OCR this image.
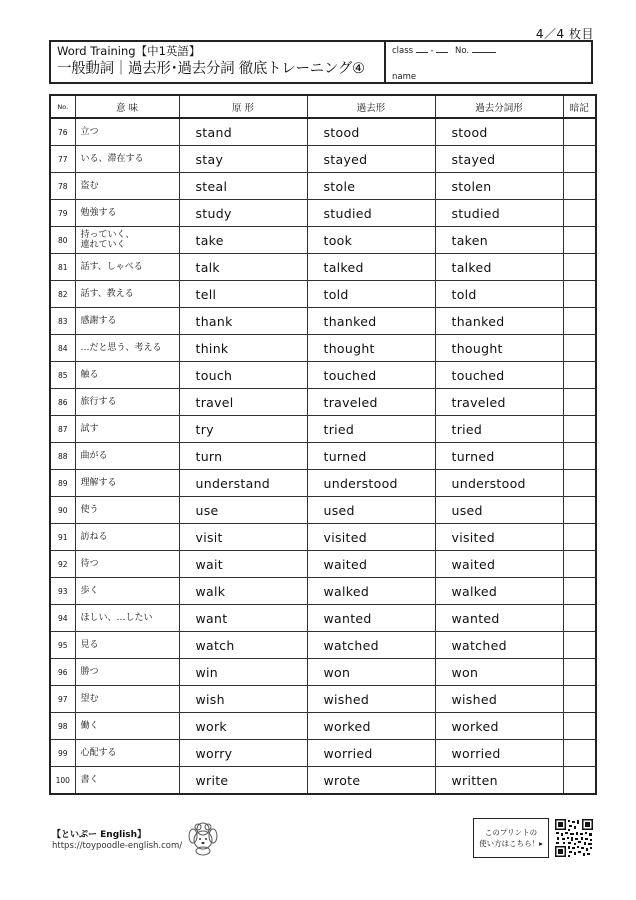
4／4 枚目
Word Training【中1英語】
一般動詞｜過去形･過去分詞 徹底トレーニング④
class -	No.
name
No.	意 味	原 形	過去形	過去分詞形	暗記
76	立つ	stand	stood	stood	
77	いる、滞在する	stay	stayed	stayed	
78	盗む	steal	stole	stolen	
79	勉強する	study	studied	studied	
80	持っていく、
連れていく	take	took	taken	
81	話す、しゃべる	talk	talked	talked	
82	話す、教える	tell	told	told	
83	感謝する	thank	thanked	thanked	
84	…だと思う、考える	think	thought	thought	
85	触る	touch	touched	touched	
86	旅行する	travel	traveled	traveled	
87	試す	try	tried	tried	
88	曲がる	turn	turned	turned	
89	理解する	understand	understood	understood	
90	使う	use	used	used	
91	訪ねる	visit	visited	visited	
92	待つ	wait	waited	waited	
93	歩く	walk	walked	walked	
94	ほしい、…したい	want	wanted	wanted	
95	見る	watch	watched	watched	
96	勝つ	win	won	won	
97	望む	wish	wished	wished	
98	働く	work	worked	worked	
99	心配する	worry	worried	worried	
100	書く	write	wrote	written	
【といぷー English】
https://toypoodle-english.com/
このプリントの
使い方はこちら！▸
